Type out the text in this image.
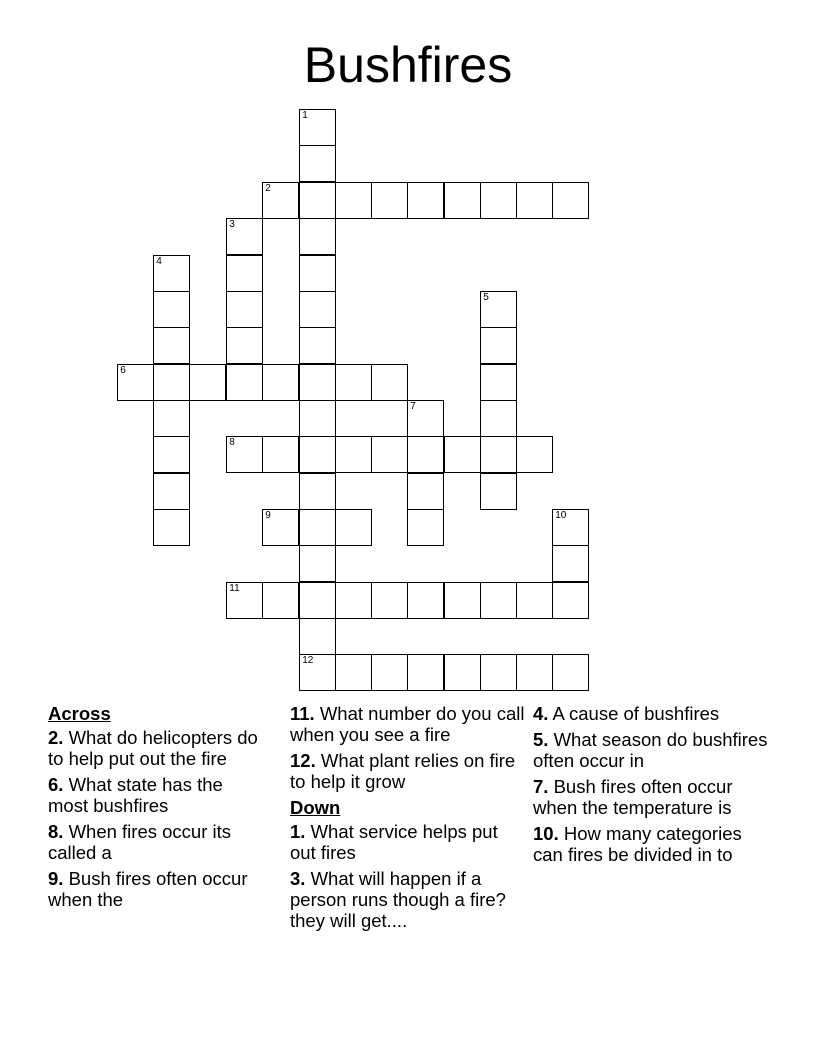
Bushfires
1
2
3
4
5
6
7
8
9	10
11
12

Across

2. What do helicopters do to help put out the fire

6. What state has the most bushfires

8. When fires occur its called a

9. Bush fires often occur when the

11. What number do you call when you see a fire

12. What plant relies on fire to help it grow

Down

1. What service helps put out fires

3. What will happen if a person runs though a fire? they will get....

4. A cause of bushfires

5. What season do bushfires often occur in

7. Bush fires often occur when the temperature is

10. How many categories can fires be divided in to
